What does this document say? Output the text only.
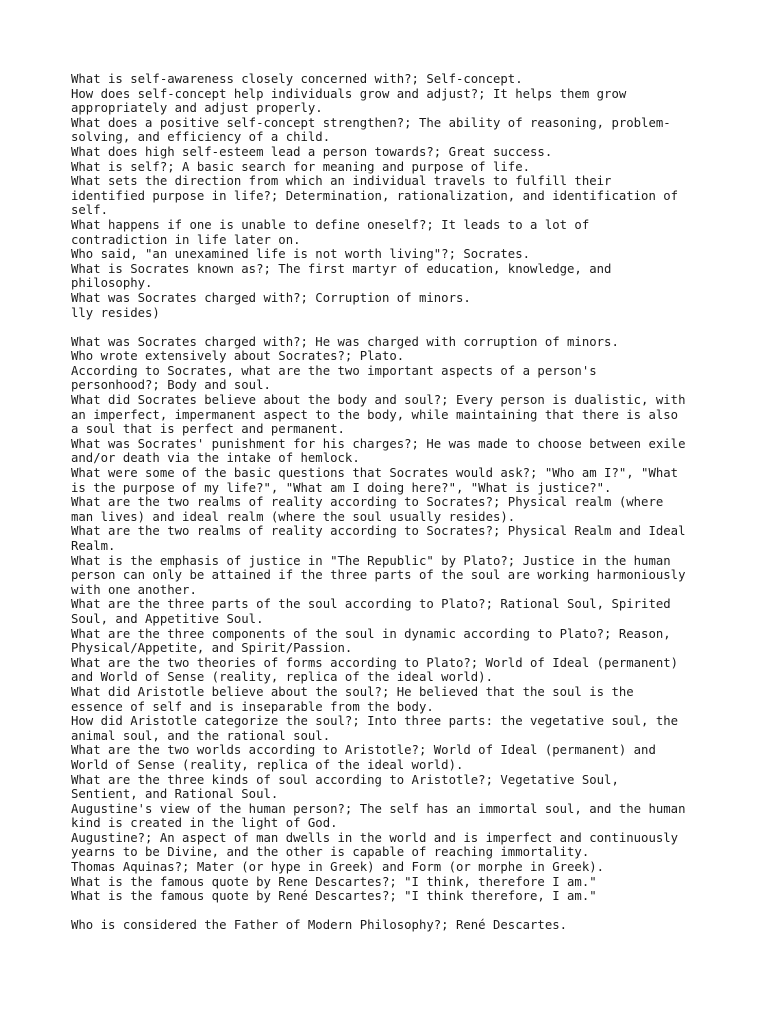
What is self-awareness closely concerned with?; Self-concept.
How does self-concept help individuals grow and adjust?; It helps them grow
appropriately and adjust properly.
What does a positive self-concept strengthen?; The ability of reasoning, problem-
solving, and efficiency of a child.
What does high self-esteem lead a person towards?; Great success.
What is self?; A basic search for meaning and purpose of life.
What sets the direction from which an individual travels to fulfill their
identified purpose in life?; Determination, rationalization, and identification of
self.
What happens if one is unable to define oneself?; It leads to a lot of
contradiction in life later on.
Who said, "an unexamined life is not worth living"?; Socrates.
What is Socrates known as?; The first martyr of education, knowledge, and
philosophy.
What was Socrates charged with?; Corruption of minors.
lly resides)
What was Socrates charged with?; He was charged with corruption of minors.
Who wrote extensively about Socrates?; Plato.
According to Socrates, what are the two important aspects of a person's
personhood?; Body and soul.
What did Socrates believe about the body and soul?; Every person is dualistic, with
an imperfect, impermanent aspect to the body, while maintaining that there is also
a soul that is perfect and permanent.
What was Socrates' punishment for his charges?; He was made to choose between exile
and/or death via the intake of hemlock.
What were some of the basic questions that Socrates would ask?; "Who am I?", "What
is the purpose of my life?", "What am I doing here?", "What is justice?".
What are the two realms of reality according to Socrates?; Physical realm (where
man lives) and ideal realm (where the soul usually resides).
What are the two realms of reality according to Socrates?; Physical Realm and Ideal
Realm.
What is the emphasis of justice in "The Republic" by Plato?; Justice in the human
person can only be attained if the three parts of the soul are working harmoniously
with one another.
What are the three parts of the soul according to Plato?; Rational Soul, Spirited
Soul, and Appetitive Soul.
What are the three components of the soul in dynamic according to Plato?; Reason,
Physical/Appetite, and Spirit/Passion.
What are the two theories of forms according to Plato?; World of Ideal (permanent)
and World of Sense (reality, replica of the ideal world).
What did Aristotle believe about the soul?; He believed that the soul is the
essence of self and is inseparable from the body.
How did Aristotle categorize the soul?; Into three parts: the vegetative soul, the
animal soul, and the rational soul.
What are the two worlds according to Aristotle?; World of Ideal (permanent) and
World of Sense (reality, replica of the ideal world).
What are the three kinds of soul according to Aristotle?; Vegetative Soul,
Sentient, and Rational Soul.
Augustine's view of the human person?; The self has an immortal soul, and the human
kind is created in the light of God.
Augustine?; An aspect of man dwells in the world and is imperfect and continuously
yearns to be Divine, and the other is capable of reaching immortality.
Thomas Aquinas?; Mater (or hype in Greek) and Form (or morphe in Greek).
What is the famous quote by Rene Descartes?; "I think, therefore I am."
What is the famous quote by René Descartes?; "I think therefore, I am."
Who is considered the Father of Modern Philosophy?; René Descartes.
